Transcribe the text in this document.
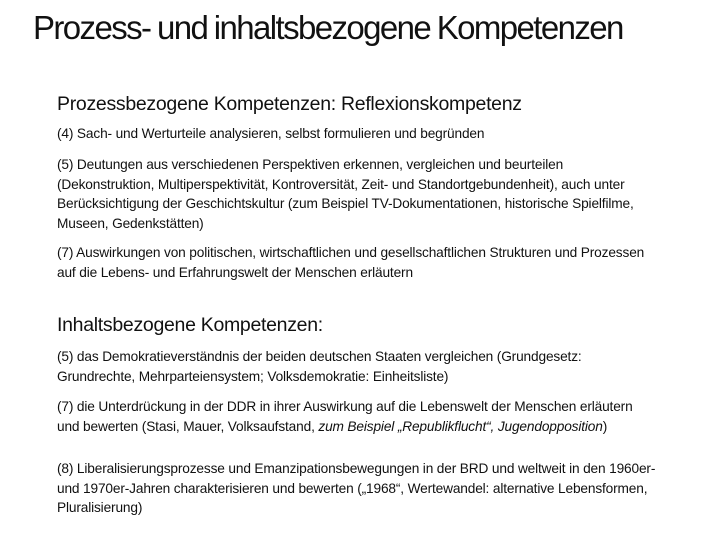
Prozess- und inhaltsbezogene Kompetenzen
Prozessbezogene Kompetenzen: Reflexionskompetenz

(4) Sach- und Werturteile analysieren, selbst formulieren und begründen

(5) Deutungen aus verschiedenen Perspektiven erkennen, vergleichen und beurteilen (Dekonstruktion, Multiperspektivität, Kontroversität, Zeit- und Standortgebundenheit), auch unter Berücksichtigung der Geschichtskultur (zum Beispiel TV-Dokumentationen, historische Spielfilme, Museen, Gedenkstätten)

(7) Auswirkungen von politischen, wirtschaftlichen und gesellschaftlichen Strukturen und Prozessen auf die Lebens- und Erfahrungswelt der Menschen erläutern

Inhaltsbezogene Kompetenzen:

(5) das Demokratieverständnis der beiden deutschen Staaten vergleichen (Grundgesetz: Grundrechte, Mehrparteiensystem; Volksdemokratie: Einheitsliste)

(7) die Unterdrückung in der DDR in ihrer Auswirkung auf die Lebenswelt der Menschen erläutern und bewerten (Stasi, Mauer, Volksaufstand, zum Beispiel „Republikflucht“, Jugendopposition)

(8) Liberalisierungsprozesse und Emanzipationsbewegungen in der BRD und weltweit in den 1960er- und 1970er-Jahren charakterisieren und bewerten („1968“, Wertewandel: alternative Lebensformen, Pluralisierung)
